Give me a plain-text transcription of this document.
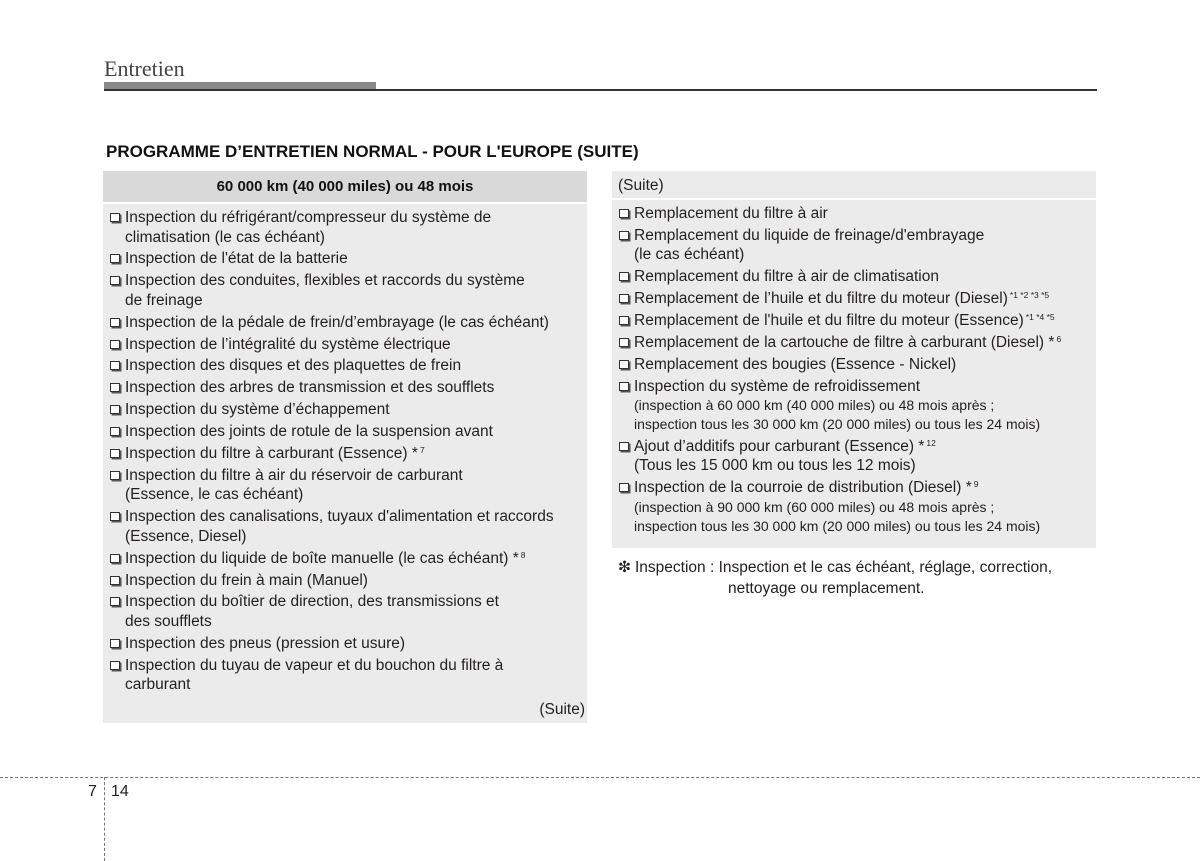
Entretien
PROGRAMME D’ENTRETIEN NORMAL - POUR L'EUROPE (SUITE)
60 000 km (40 000 miles) ou 48 mois
Inspection du réfrigérant/compresseur du système de
climatisation (le cas échéant)
Inspection de l'état de la batterie
Inspection des conduites, flexibles et raccords du système
de freinage
Inspection de la pédale de frein/d’embrayage (le cas échéant)
Inspection de l’intégralité du système électrique
Inspection des disques et des plaquettes de frein
Inspection des arbres de transmission et des soufflets
Inspection du système d’échappement
Inspection des joints de rotule de la suspension avant
Inspection du filtre à carburant (Essence) * $^7$
Inspection du filtre à air du réservoir de carburant
(Essence, le cas échéant)
Inspection des canalisations, tuyaux d'alimentation et raccords
(Essence, Diesel)
Inspection du liquide de boîte manuelle (le cas échéant) * $^8$
Inspection du frein à main (Manuel)
Inspection du boîtier de direction, des transmissions et
des soufflets
Inspection des pneus (pression et usure)
Inspection du tuyau de vapeur et du bouchon du filtre à
carburant
(Suite)
(Suite)
Remplacement du filtre à air
Remplacement du liquide de freinage/d'embrayage
(le cas échéant)
Remplacement du filtre à air de climatisation
Remplacement de l’huile et du filtre du moteur (Diesel) $^{*1 *2 *3 *5}$
Remplacement de l'huile et du filtre du moteur (Essence) $^{*1 *4 *5}$
Remplacement de la cartouche de filtre à carburant (Diesel) * $^6$
Remplacement des bougies (Essence - Nickel)
Inspection du système de refroidissement
(inspection à 60 000 km (40 000 miles) ou 48 mois après ;
inspection tous les 30 000 km (20 000 miles) ou tous les 24 mois)
Ajout d’additifs pour carburant (Essence) * $^{12}$
(Tous les 15 000 km ou tous les 12 mois)
Inspection de la courroie de distribution (Diesel) * $^9$
(inspection à 90 000 km (60 000 miles) ou 48 mois après ;
inspection tous les 30 000 km (20 000 miles) ou tous les 24 mois)
❇ Inspection : Inspection et le cas échéant, réglage, correction,
nettoyage ou remplacement.
7 14
